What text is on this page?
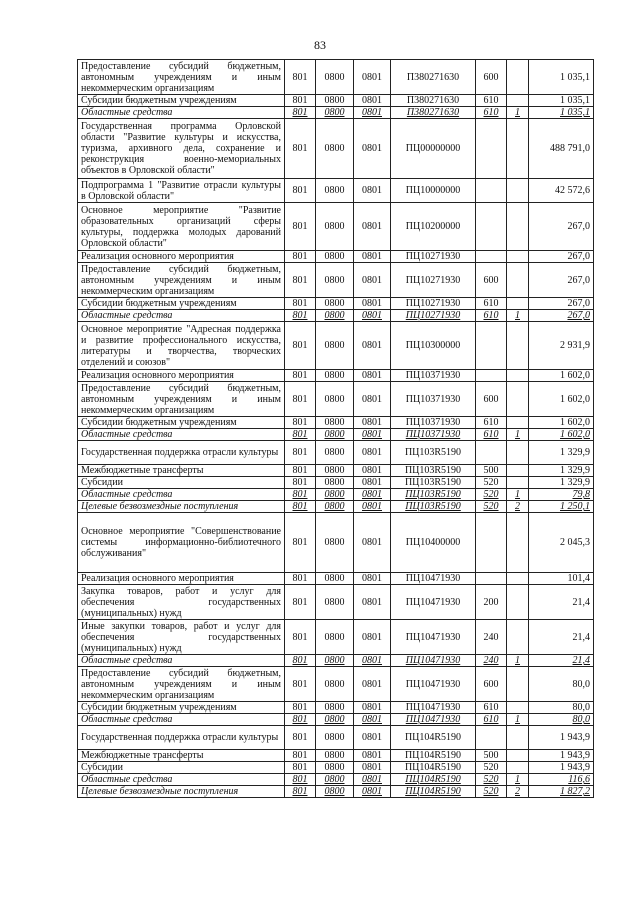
83
Предоставление субсидий бюджетным, автономным учреждениям и иным некоммерческим организациям	801	0800	0801	П380271630	600		1 035,1
Субсидии бюджетным учреждениям	801	0800	0801	П380271630	610		1 035,1
Областные средства	801	0800	0801	П380271630	610	1	1 035,1
Государственная программа Орловской области "Развитие культуры и искусства, туризма, архивного дела, сохранение и реконструкция военно-мемориальных объектов в Орловской области"	801	0800	0801	ПЦ00000000			488 791,0
Подпрограмма 1 "Развитие отрасли культуры в Орловской области"	801	0800	0801	ПЦ10000000			42 572,6
Основное мероприятие "Развитие образовательных организаций сферы культуры, поддержка молодых дарований Орловской области"	801	0800	0801	ПЦ10200000			267,0
Реализация основного мероприятия	801	0800	0801	ПЦ10271930			267,0
Предоставление субсидий бюджетным, автономным учреждениям и иным некоммерческим организациям	801	0800	0801	ПЦ10271930	600		267,0
Субсидии бюджетным учреждениям	801	0800	0801	ПЦ10271930	610		267,0
Областные средства	801	0800	0801	ПЦ10271930	610	1	267,0
Основное мероприятие "Адресная поддержка и развитие профессионального искусства, литературы и творчества, творческих отделений и союзов"	801	0800	0801	ПЦ10300000			2 931,9
Реализация основного мероприятия	801	0800	0801	ПЦ10371930			1 602,0
Предоставление субсидий бюджетным, автономным учреждениям и иным некоммерческим организациям	801	0800	0801	ПЦ10371930	600		1 602,0
Субсидии бюджетным учреждениям	801	0800	0801	ПЦ10371930	610		1 602,0
Областные средства	801	0800	0801	ПЦ10371930	610	1	1 602,0
Государственная поддержка отрасли культуры	801	0800	0801	ПЦ103R5190			1 329,9
Межбюджетные трансферты	801	0800	0801	ПЦ103R5190	500		1 329,9
Субсидии	801	0800	0801	ПЦ103R5190	520		1 329,9
Областные средства	801	0800	0801	ПЦ103R5190	520	1	79,8
Целевые безвозмездные поступления	801	0800	0801	ПЦ103R5190	520	2	1 250,1
Основное мероприятие "Совершенствование системы информационно-библиотечного обслуживания"	801	0800	0801	ПЦ10400000			2 045,3
Реализация основного мероприятия	801	0800	0801	ПЦ10471930			101,4
Закупка товаров, работ и услуг для обеспечения государственных (муниципальных) нужд	801	0800	0801	ПЦ10471930	200		21,4
Иные закупки товаров, работ и услуг для обеспечения государственных (муниципальных) нужд	801	0800	0801	ПЦ10471930	240		21,4
Областные средства	801	0800	0801	ПЦ10471930	240	1	21,4
Предоставление субсидий бюджетным, автономным учреждениям и иным некоммерческим организациям	801	0800	0801	ПЦ10471930	600		80,0
Субсидии бюджетным учреждениям	801	0800	0801	ПЦ10471930	610		80,0
Областные средства	801	0800	0801	ПЦ10471930	610	1	80,0
Государственная поддержка отрасли культуры	801	0800	0801	ПЦ104R5190			1 943,9
Межбюджетные трансферты	801	0800	0801	ПЦ104R5190	500		1 943,9
Субсидии	801	0800	0801	ПЦ104R5190	520		1 943,9
Областные средства	801	0800	0801	ПЦ104R5190	520	1	116,6
Целевые безвозмездные поступления	801	0800	0801	ПЦ104R5190	520	2	1 827,2
